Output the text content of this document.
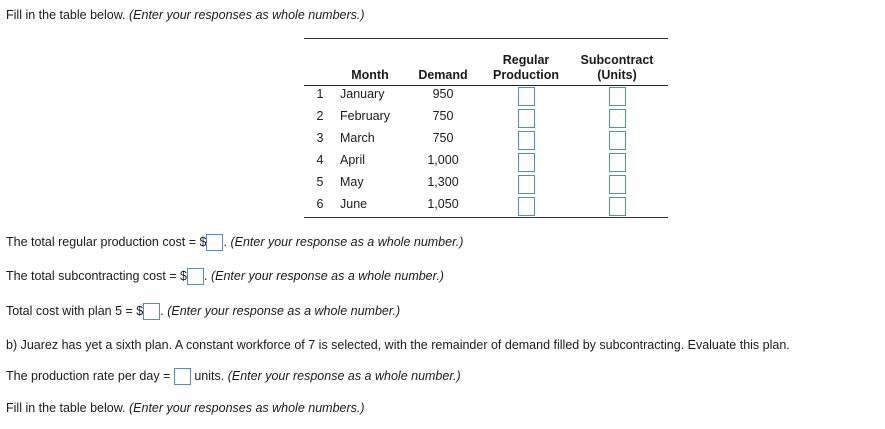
Fill in the table below. (Enter your responses as whole numbers.)
Month	Demand
Regular
Production
Subcontract
(Units)
1	January	950
2	February	750
3	March	750
4	April	1,000
5	May	1,300
6	June	1,050
The total regular production cost = $ . (Enter your response as a whole number.)
The total subcontracting cost = $ . (Enter your response as a whole number.)
Total cost with plan 5 = $ . (Enter your response as a whole number.)
b) Juarez has yet a sixth plan. A constant workforce of 7 is selected, with the remainder of demand filled by subcontracting. Evaluate this plan.
The production rate per day = units. (Enter your response as a whole number.)
Fill in the table below. (Enter your responses as whole numbers.)
